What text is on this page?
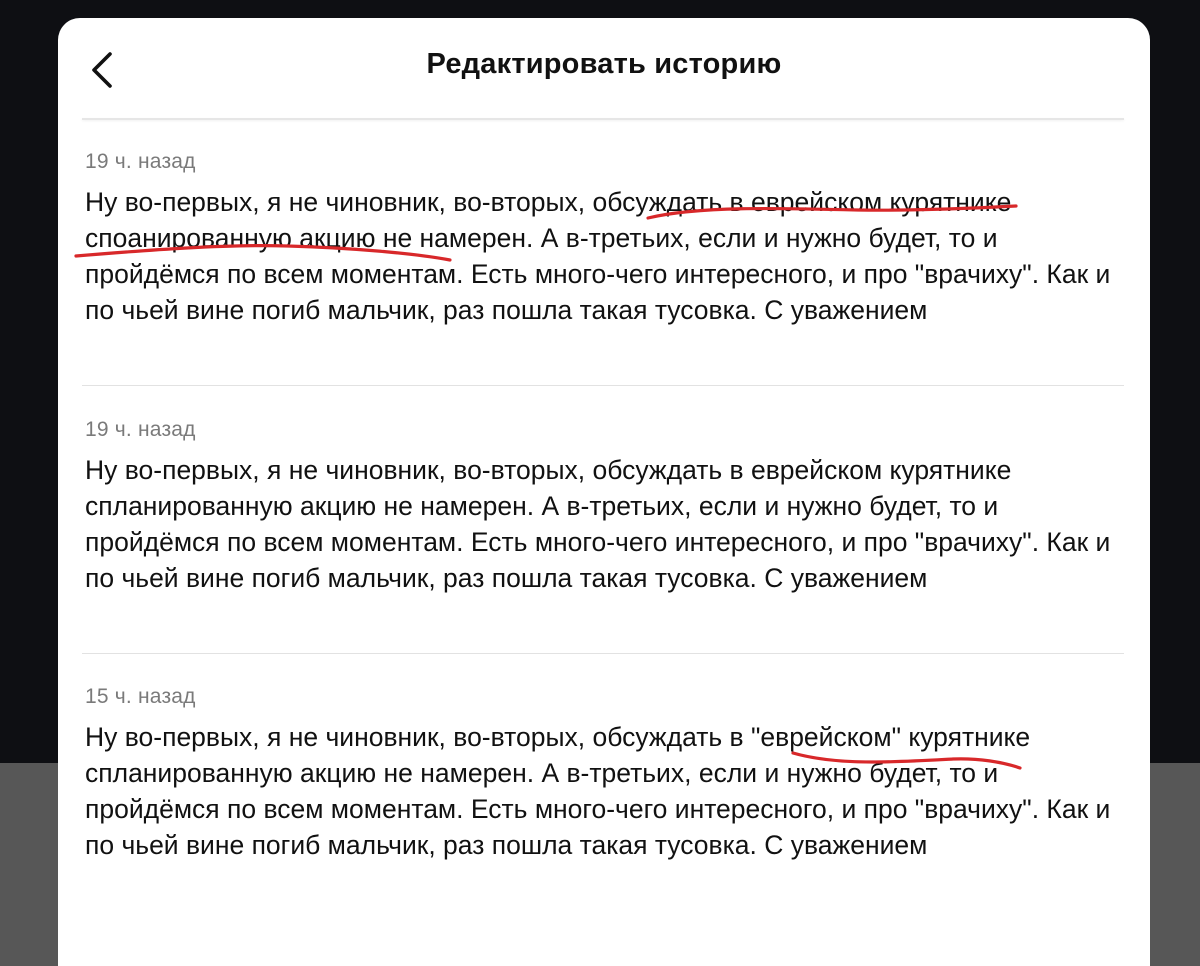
Редактировать историю
19 ч. назад

Ну во-первых, я не чиновник, во-вторых, обсуждать в еврейском курятнике споанированную акцию не намерен. А в-третьих, если и нужно будет, то и пройдёмся по всем моментам. Есть много-чего интересного, и про "врачиху". Как и по чьей вине погиб мальчик, раз пошла такая тусовка. С уважением

19 ч. назад

Ну во-первых, я не чиновник, во-вторых, обсуждать в еврейском курятнике спланированную акцию не намерен. А в-третьих, если и нужно будет, то и пройдёмся по всем моментам. Есть много-чего интересного, и про "врачиху". Как и по чьей вине погиб мальчик, раз пошла такая тусовка. С уважением

15 ч. назад

Ну во-первых, я не чиновник, во-вторых, обсуждать в "еврейском" курятнике спланированную акцию не намерен. А в-третьих, если и нужно будет, то и пройдёмся по всем моментам. Есть много-чего интересного, и про "врачиху". Как и по чьей вине погиб мальчик, раз пошла такая тусовка. С уважением
